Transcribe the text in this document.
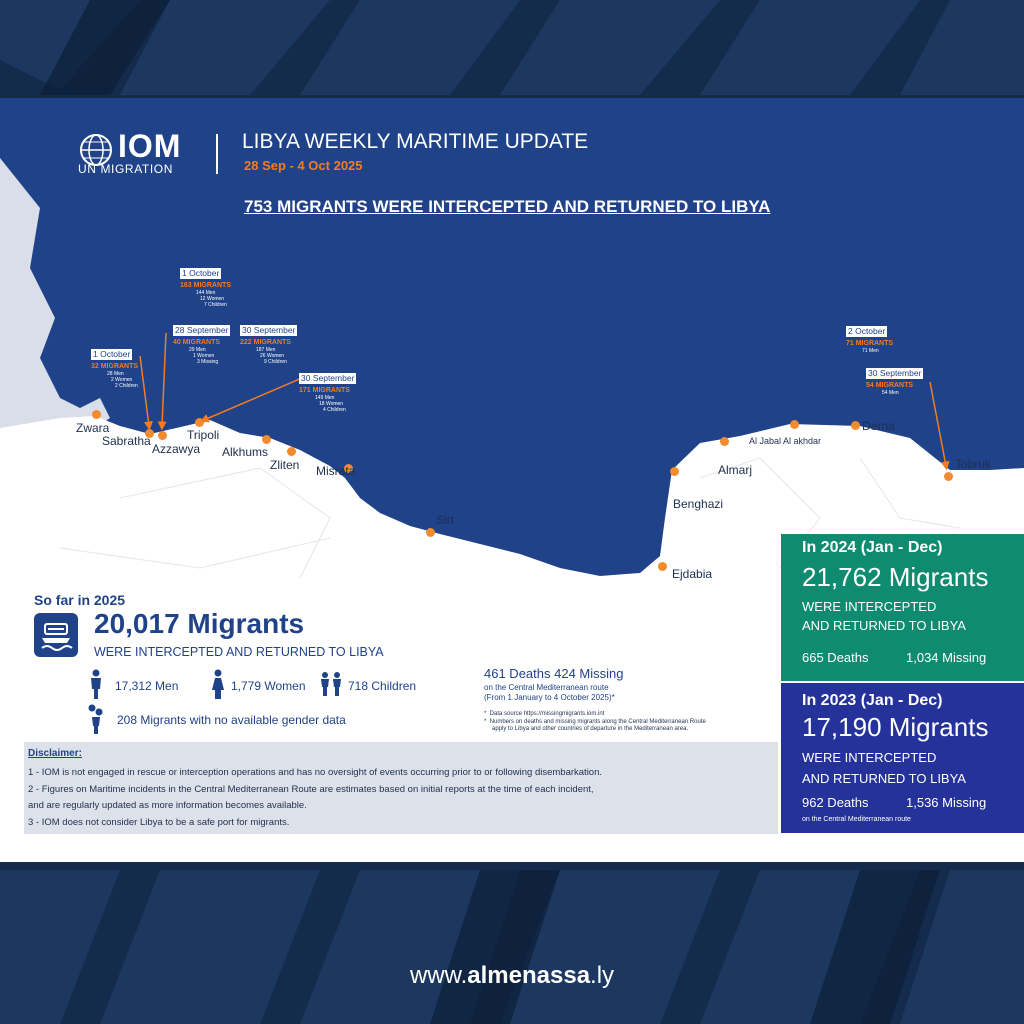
IOM
UN MIGRATION
LIBYA WEEKLY MARITIME UPDATE
28 Sep - 4 Oct 2025
753 MIGRANTS WERE INTERCEPTED AND RETURNED TO LIBYA
Zwara
Sabratha
Azzawya
Tripoli
Alkhums
Zliten Misrata
Sirt
Benghazi
Ejdabia
Almarj
Al Jabal Al akhdar
Derna
Tobruk
1 October
163 MIGRANTS
144 Men
12 Women
7 Children
28 September
40 MIGRANTS
29 Men
1 Women
3 Missing
30 September
222 MIGRANTS
187 Men
26 Women
9 Children
1 October
32 MIGRANTS
28 Men
2 Women
2 Children
30 September
171 MIGRANTS
149 Men
18 Women
4 Children
2 October
71 MIGRANTS
71 Men
30 September
54 MIGRANTS
54 Men
So far in 2025
20,017 Migrants
WERE INTERCEPTED AND RETURNED TO LIBYA
17,312 Men	1,779 Women	718 Children
208 Migrants with no available gender data
461 Deaths 424 Missing
on the Central Mediterranean route
(From 1 January to 4 October 2025)*
*  Data source https://missingmigrants.iom.int
*  Numbers on deaths and missing migrants along the Central Mediterranean Route
apply to Libya and other countries of departure in the Mediterranean area.
Disclaimer:
1 - IOM is not engaged in rescue or interception operations and has no oversight of events occurring prior to or following disembarkation.
2 - Figures on Maritime incidents in the Central Mediterranean Route are estimates based on initial reports at the time of each incident,
and are regularly updated as more information becomes available.
3 - IOM does not consider Libya to be a safe port for migrants.
In 2024 (Jan - Dec)
21,762 Migrants
WERE INTERCEPTED
AND RETURNED TO LIBYA
665 Deaths	1,034 Missing
In 2023 (Jan - Dec)
17,190 Migrants
WERE INTERCEPTED
AND RETURNED TO LIBYA
962 Deaths	1,536 Missing
on the Central Mediterranean route
www.almenassa.ly
